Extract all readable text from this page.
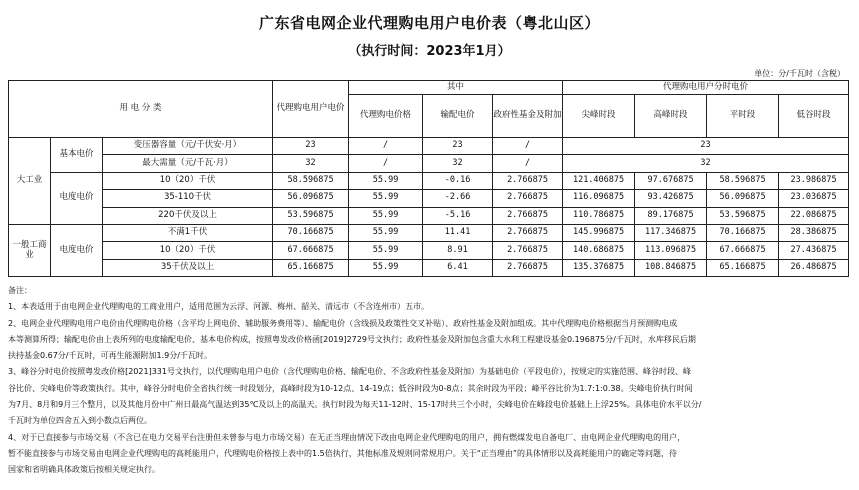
广东省电网企业代理购电用户电价表（粤北山区）
（执行时间：2023年1月）
单位：分/千瓦时（含税）
用 电 分 类			代理购电用户电价	其中			代理购电用户分时电价			
				代理购电价格	输配电价	政府性基金及附加	尖峰时段	高峰时段	平时段	低谷时段
大工业	基本电价	变压器容量（元/千伏安·月）	23	/	23	/	23			
		最大需量（元/千瓦·月）	32	/	32	/	32			
	电度电价	10（20）千伏	58.596875	55.99	-0.16	2.766875	121.406875	97.676875	58.596875	23.986875
		35-110千伏	56.096875	55.99	-2.66	2.766875	116.096875	93.426875	56.096875	23.036875
		220千伏及以上	53.596875	55.99	-5.16	2.766875	110.786875	89.176875	53.596875	22.086875
一般工商业	电度电价	不满1千伏	70.166875	55.99	11.41	2.766875	145.996875	117.346875	70.166875	28.386875
		10（20）千伏	67.666875	55.99	8.91	2.766875	140.686875	113.096875	67.666875	27.436875
		35千伏及以上	65.166875	55.99	6.41	2.766875	135.376875	108.846875	65.166875	26.486875
备注：
1、本表适用于由电网企业代理购电的工商业用户，适用范围为云浮、河源、梅州、韶关、清远市（不含连州市）五市。
2、电网企业代理购电用户电价由代理购电价格（含平均上网电价、辅助服务费用等）、输配电价（含线损及政策性交叉补贴）、政府性基金及附加组成。其中代理购电价格根据当月预测购电成
本等测算所得；输配电价由上表所列的电度输配电价、基本电价构成，按照粤发改价格函[2019]2729号文执行；政府性基金及附加包含重大水利工程建设基金0.196875分/千瓦时，水库移民后期
扶持基金0.67分/千瓦时，可再生能源附加1.9分/千瓦时。
3、峰谷分时电价按照粤发改价格[2021]331号文执行，以代理购电用户电价（含代理购电价格、输配电价、不含政府性基金及附加）为基础电价（平段电价），按规定的实施范围、峰谷时段、峰
谷比价、尖峰电价等政策执行。其中，峰谷分时电价全省执行统一时段划分，高峰时段为10-12点、14-19点；低谷时段为0-8点；其余时段为平段；峰平谷比价为1.7:1:0.38。尖峰电价执行时间
为7月、8月和9月三个整月，以及其他月份中广州日最高气温达到35℃及以上的高温天。执行时段为每天11-12时、15-17时共三个小时，尖峰电价在峰段电价基础上上浮25%。具体电价水平以分/
千瓦时为单位四舍五入到小数点后两位。
4、对于已直接参与市场交易（不含已在电力交易平台注册但未曾参与电力市场交易）在无正当理由情况下改由电网企业代理购电的用户，拥有燃煤发电自备电厂、由电网企业代理购电的用户，
暂不能直接参与市场交易由电网企业代理购电的高耗能用户，代理购电价格按上表中的1.5倍执行，其他标准及规则同常规用户。关于“正当理由”的具体情形以及高耗能用户的确定等问题，待
国家和省明确具体政策后按相关规定执行。
